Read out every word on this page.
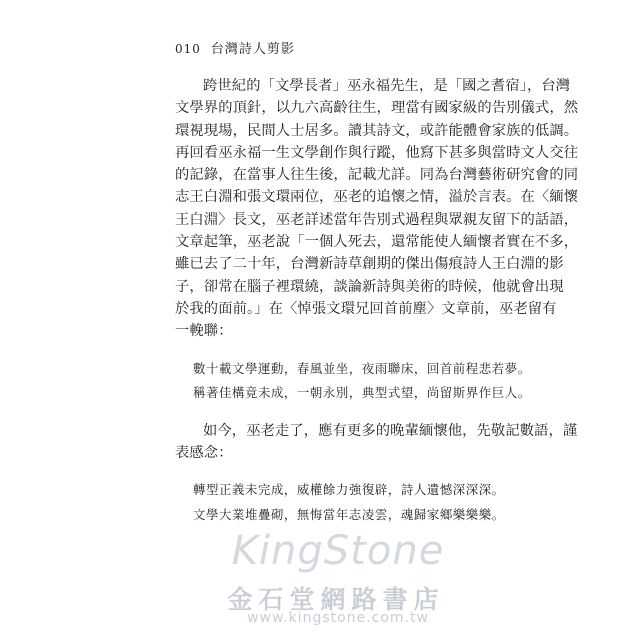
010 台灣詩人剪影
跨世紀的「文學長者」巫永福先生，是「國之耆宿」，台灣
文學界的頂針，以九六高齡往生，理當有國家級的告別儀式，然
環視現場，民間人士居多。讀其詩文，或許能體會家族的低調。
再回看巫永福一生文學創作與行蹤，他寫下甚多與當時文人交往
的記錄，在當事人往生後，記載尤詳。同為台灣藝術研究會的同
志王白淵和張文環兩位，巫老的追懷之情，溢於言表。在〈緬懷
王白淵〉長文，巫老詳述當年告別式過程與眾親友留下的話語，
文章起筆，巫老說「一個人死去，還常能使人緬懷者實在不多，
雖已去了二十年，台灣新詩草創期的傑出傷痕詩人王白淵的影
子，卻常在腦子裡環繞，談論新詩與美術的時候，他就會出現
於我的面前。」在〈悼張文環兄回首前塵〉文章前，巫老留有
一輓聯：
數十載文學運動，春風並坐，夜雨聯床，回首前程悲若夢。
稱著佳構竟未成，一朝永別，典型式望，尚留斯界作巨人。
如今，巫老走了，應有更多的晚輩緬懷他，先敬記數語，謹
表感念：
轉型正義未完成，威權餘力強復辟，詩人遺憾深深深。
文學大業堆疊砌，無悔當年志凌雲，魂歸家鄉樂樂樂。
KingStone
金石堂網路書店
www.kingstone.com.tw
